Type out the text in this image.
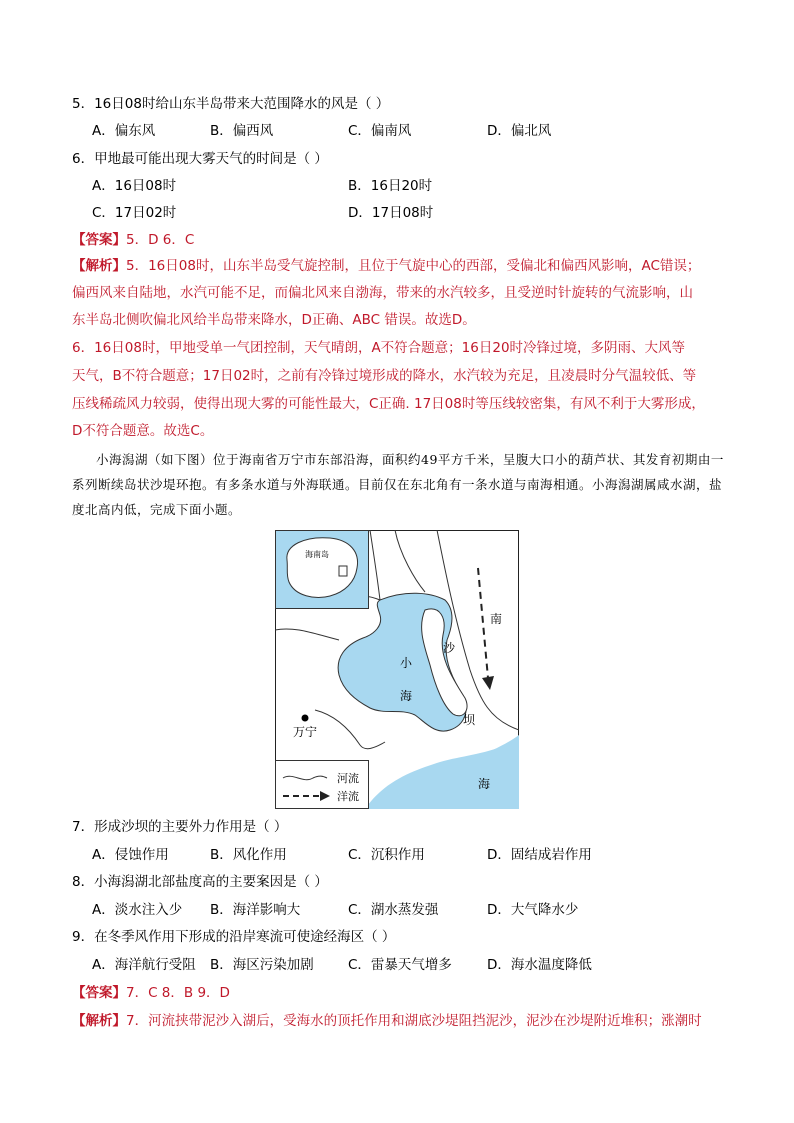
5．16日08时给山东半岛带来大范围降水的风是（ ）
A．偏东风	B．偏西风	C．偏南风	D．偏北风
6．甲地最可能出现大雾天气的时间是（ ）
A．16日08时	B．16日20时
C．17日02时	D．17日08时
【答案】5．D 6．C
【解析】5．16日08时，山东半岛受气旋控制，且位于气旋中心的西部，受偏北和偏西风影响，AC错误；
偏西风来自陆地，水汽可能不足，而偏北风来自渤海，带来的水汽较多，且受逆时针旋转的气流影响，山
东半岛北侧吹偏北风给半岛带来降水，D正确、ABC 错误。故选D。
6．16日08时，甲地受单一气团控制，天气晴朗，A不符合题意；16日20时冷锋过境，多阴雨、大风等
天气，B不符合题意；17日02时，之前有冷锋过境形成的降水，水汽较为充足，且凌晨时分气温较低、等
压线稀疏风力较弱，使得出现大雾的可能性最大，C正确. 17日08时等压线较密集，有风不利于大雾形成，
D不符合题意。故选C。
小海潟湖（如下图）位于海南省万宁市东部沿海，面积约49平方千米，呈腹大口小的葫芦状、其发育初期由一系列断续岛状沙堤环抱。有多条水道与外海联通。目前仅在东北角有一条水道与南海相通。小海潟湖属咸水湖，盐度北高内低，完成下面小题。
海南岛
南
沙
小
海
坝
海
万宁
河流
洋流
7．形成沙坝的主要外力作用是（ ）
A．侵蚀作用	B．风化作用	C．沉积作用	D．固结成岩作用
8．小海潟湖北部盐度高的主要案因是（ ）
A．淡水注入少 B．海洋影响大	C．湖水蒸发强	D．大气降水少
9．在冬季风作用下形成的沿岸寒流可使途经海区（ ）
A．海洋航行受阻 B．海区污染加剧	C．雷暴天气增多	D．海水温度降低
【答案】7．C 8．B 9．D
【解析】7．河流挟带泥沙入湖后，受海水的顶托作用和湖底沙堤阻挡泥沙，泥沙在沙堤附近堆积；涨潮时
